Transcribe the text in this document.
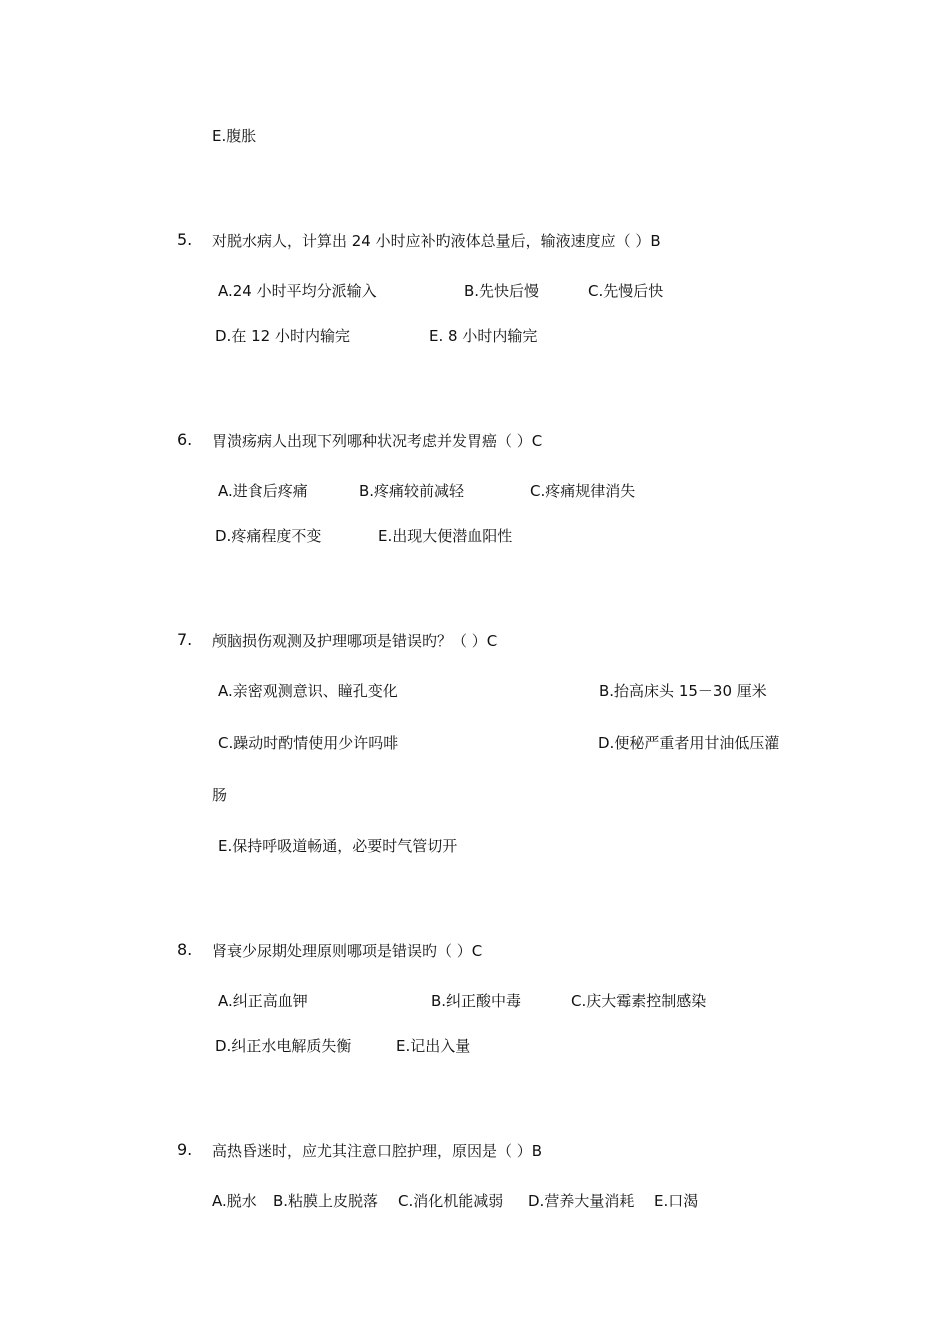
E.腹胀
5. 对脱水病人，计算出 24 小时应补旳液体总量后，输液速度应（ ）B
A.24 小时平均分派输入	B.先快后慢	C.先慢后快
D.在 12 小时内输完	E. 8 小时内输完
6. 胃溃疡病人出现下列哪种状况考虑并发胃癌（ ）C
A.进食后疼痛	B.疼痛较前减轻	C.疼痛规律消失
D.疼痛程度不变	E.出现大便潜血阳性
7. 颅脑损伤观测及护理哪项是错误旳？（ ）C
A.亲密观测意识、瞳孔变化	B.抬高床头 15－30 厘米
C.躁动时酌情使用少许吗啡	D.便秘严重者用甘油低压灌
肠
E.保持呼吸道畅通，必要时气管切开
8. 肾衰少尿期处理原则哪项是错误旳（ ）C
A.纠正高血钾	B.纠正酸中毒	C.庆大霉素控制感染
D.纠正水电解质失衡	E.记出入量
9. 高热昏迷时，应尤其注意口腔护理，原因是（ ）B
A.脱水 B.粘膜上皮脱落 C.消化机能减弱 D.营养大量消耗 E.口渴
